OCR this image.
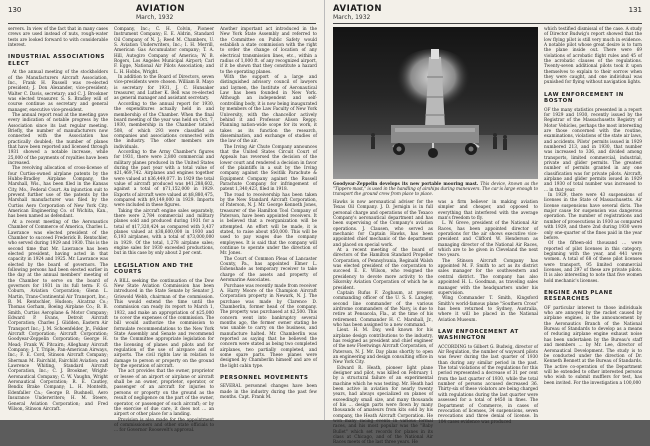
130	AVIATION
March, 1932

servers. In view of the fact that in many cases crews are used instead of nuts, rough-water tests are looked forward to with considerable interest.

INDUSTRIAL ASSOCIATIONS ELECT

At the annual meeting of the stockholders of the Manufacturers Aircraft Association, Inc., Frank H. Russell was re-elected president; J. Don Alexander, vice-president; Walter C. Davis, secretary; and C. J. Brookner was elected treasurer. S. S. Bradley will of course continue as secretary and general manager, executive vice-president.

The annual report read at the meeting gave every indication of notable progress by the Association since its last regular meeting. Briefly, the number of manufacturers now connected with the Association has practically doubled; the number of planes that have been reported and licensed through 1931 showed a notable increase, while 25,000 of the payments of royalties have been increased.

The revolving allocation of cross-license of four Curtiss-owned airplane patents by the Hubbs-Bradley Airplane Company, the Marshall, Wis., has been filed in the Kansas City, Mo., Federal Court. An injunction suit to prevent further use of the patents by the Marshall manufacturer was filed by the Curtiss Aero Corporation of New York City. American Engineering Co. of Wichita, Kan., has been named as defendant.

At a recent meeting of the Aeronautics Chamber of Commerce of America, Charles L. Lawrance was elected president of the Chamber to succeed Frederick B. Rentschler, who served during 1929 and 1930. This is the second time that Mr. Lawrance has been elected president, having acted in that capacity in 1924 and 1925. Mr. Lawrance was elected by the board of governors. The following persons had been elected earlier in the day at the annual members' meeting of the Chamber to serve on the board of governors for 1931 in its full term: F. G. Coburn, Aviation Corporation; Glenn L. Martin, Trans-Continental Air Transport, Inc.; B. M. Rentschler, Hudson; Alcatraz Co.; Thomas Gorham, Boeing Airplane Co.; B. B. Smith, Curtiss Aeroplane & Motor Company; Edward P. Evans, Detroit Aircraft Corporation; Charles J. Glidden, Eastern Air Transport Inc.; J. M. Schoenfelder, Jr., Fokker Aircraft Corporation; Aircraft Corporation; Goodyear-Zeppelin Corporation; George H. Mead; Frank W. Pitcairn; Alleghany Aircraft Company; J. T. Triple, Pan-American Airways, Inc.; F. E. Cord, Stinson Aircraft Company; Sherman M. Fairchild, Fairchild Aviation; and Lawrence Whiting, Standard Aircraft Corporation, Inc.; C. J. Brookner, Wright-Aeronautical Company; C. W. Vaughn, Wright Aeronautical Corporation; R. E. Cautley, Bendix Brake Company; L. H. Monteith, Edenfaller Ca.; George B. Bushnell, Aero Insurance Underwriters; H. M. Steere, General Aviation Corporation; and Fred Wilson, Stinson Aircraft.

Company, Inc.; C. H. Colvin, Pioneer Instrument Company; E. E. Aldrin, Standard Oil Company of N. J.; Reed M. Chambers, U. S. Aviation Underwriters, Inc.; I. H. Merrill, American Gas Accumulator company; T. A. Hill, Autogiro Company of America; W. B. Rogers, Los Angeles Municipal Airport; Carl F. Egge, National Air Pilots Association; and L. H. Hobbs, Wright.

In addition to the Board of Directors, seven vice-presidents were chosen. William B. Mayo is secretary for 1931, J. C. Hunsaker treasurer, and Luther K. Bell was re-elected as general manager and assistant secretary.

According to the annual report for 1930, the expenditures actually held in and membership of the Chamber. When the final board meeting of the year was held on Oct. 7, 1930, membership in the Chamber totaled 508, of which 293 were classified as companies and associations connected with the industry. The other members are individuals.

According to the Army Chamber's figures for 1931, there were 2,800 commercial and military planes produced in the United States during the past year with a total value of $21,469,742. Airplanes and engines together were valued at $36,449,077. In 1929 the total value of aircraft produced was $41,288,602, against a total of $71,152,000 in 1929. Exports of aircraft were valued at $8,880,475, compared with $9,149,000 in 1929. Imports were included in these figures.

Taking the aircraft engine sales separately, there were 2,784 commercial and military planes sold and produced during 1931 for a total of $17,320,424 as compared with 3,437 planes valued at $38,600,000 in 1930 and 6,193 airplanes, with a total of $73,000,000 in 1929. Of the total, 1,278 airplane sales; engine sales for 1930 exceeded productions, but in this case by only about 2 per cent.

LEGISLATION AND THE COURTS

A BILL seeking the continuation of the Dow New State Aviation Commission has been introduced in the State Senate by Senator J. Griswold Webb, chairman of the commission. This would extend the time until the commission can ready its report to March 1, 1932, and make an appropriation of $25,000 to cover the expenses of the commission. The bill would authorize the commission to formulate recommendations to the New York State Assembly and Senate and recommend to the Committee appropriate legislation for the licensing of planes and pilots and for regulation of the use of airspace and of airports. The civil rights law in relation to damage to person or property on the ground by the operation of aircraft.

The act provides that the owner, proprietor or lessee of an airport or airplane or aircraft shall be an owner, proprietor, operator, or passenger of an aircraft for injuries to persons or property on the ground as the result of negligence on the part of the owner, operator, or passenger of such aircraft; or by the exercise of due care, it does not ... an airport or other place for a landing.

Provision is also made for the appointment of commissioners and other state officials to ... for Governor Roosevelt's approval.

Another important act introduced in the New York State Assembly and referred to the Committee on Public Safety would establish a state commission with the right to order the change of location of any electrical transmission lines, etc., within a radius of 1,000 ft. of any recognized airport, if it be shown that they constitute a hazard to the operating planes.

With the support of a large and distinguished advisory council of lawyers and laymen, the Institute of Aeronautical Law has been founded in New York. Although an independent and self-controlling body, it is now being inaugurated by members of the Law Faculty of New York University, with the chancellor actively behind it and Professor Alison Reppy. Planning nation-wide scope for its work, it takes as its function the research, dissemination, and exchange of studies of the law of the air.

The Irving Air Chute Company announces that the United States Circuit Court of Appeals has reversed the decision of the lower court and rendered a decision in favor of the plaintiffs in a suit by the Irving company against the Switlik Parachute & Equipment Company against the Russell Parachute Company for infringement of patent 1,340,423, filed in 1918.

The road to receivership has been taken by the New Standard Aircraft Corporation, of Paterson, N. J. Mr. George Kenneth Jones, treasurer of the Hamilton Tool Company of Paterson, have been appointed receivers. It is believed that a reorganization will be attempted. An effort will be made, it is stated, to raise about $50,000. This will be used to pay wages due the company employees. It is said that the company will continue to operate under the direction of Mr. Jones.

The Court of Common Pleas of Lancaster County, Pa., has appointed Elmer L. Eshenshade as temporary receiver to take charge of the assets and property of Aeromarine Associates.

Purchase was recently made from receiver A. Harry Moore of the Champion Aircraft Corporation property in Newark, N. J. The purchase was made by Clarence D. Chamberlin, former head of the company. The property was purchased at $2,500. This concern went into bankruptcy several months ago, the former owner stating he was unable to carry on the business, and manufacture halted. Mr. Chamberlin was reported as saying that he believed the concern were stated as being two completed airplanes, two partially completed, and some spare parts. These planes were designed by Chamberlin himself and are of the light cabin type.

PERSONNEL MOVEMENTS

SEVERAL personnel changes have been made in the industry during the past few months. Capt. Frank M.

AVIATION
March, 1932
131
Goodyear-Zeppelin develops its new portable mooring mast. This device, known as the "Tippers-mast," is used in the handling of airships during maneuvers. The car is large enough to transport the ground crew from place to place.

Hawks is now aeronautical adviser for the Texas Oil Company. J. D. Jernigin is in full personal charge and operations of the Texaco Company's aeronautical department and has been supervising of the Company's aviation operations. J. Clausen, who served as mechanic for Captain Hawks, has been appointed chief mechanic of the department and placed on special work.

At a recent meeting of the board of directors of the Hamilton Standard Propeller Corporation, of Pennsylvania, Reginald Walsh was elected president of the corporation to succeed E. E. Wilson, who resigned the presidency to devote more activity to the Sikorsky Aviation Corporation of which he is president.

Captain Rufus F. Zogbaum, at present commanding officer of the U. S. S. Langley, second line commander of the various airdrome commanders of the Navy, is due to retire at Pensacola, Fla., at the time of his retirement. Commander H. C. Marshall, Jr., who has been assigned to a new command.

Lieut. H. M. Day, well known for his airplane design contributions to the industry, has resigned as president and chief engineer of the new Fleetwings Aircraft Corporation, of Paterson, N. J. Mr. Day plans shortly to open an engineering and design consulting office in New York City.

Edward R. Heath, pioneer light plane designer and pilot, was killed on February 1 by a structural failure of an experimental machine which he was testing. Mr. Heath had been active in aviation for nearly twenty years, had always specialized on planes of exceedingly small size, and many thousands of his ... design parts were flown by many thousands of amateurs from kits sold by his company, the Heath Aircraft Corporation. He won many racing events in various formal races, and his most popular was the "Baby Bullet" which set records for planes in its class at Chicago, and of the National Air Races meets of the last three years. He

was a firm believer in making aviation simpler and cheaper, and opposed to everything that interfered with the average man's freedom to fly.

L. W. Greve, president of the National Air Races, has been appointed director of operations for the air shows executive vice-president and Clifford W. Henderson as managing director of the National Air Races, which are to be given in Cleveland the next two years.

The Stinson Aircraft Company has appointed M. F. Smith to act as its district sales manager for the southwestern and central district. The company has also appointed H. L. Goodman, as traveling sales manager with the headquarters under his supervision.

Wing Commander T. Smith, Kingsford Smith's world-famous plane "Southern Cross" has been returned to Sydney, Australia, where it will be placed in the National Aviation Museum.

LAW ENFORCEMENT AT WASHINGTON

ACCORDING to Gilbert G. Budwig, director of Air Regulation, the number of wayward pilots was fewer during the last quarter of 1930 than during any similar period in the past. The total violations of the regulations for this period represented a decrease of 31 per cent from the last quarter of 1930, while the total number of persons accused decreased 36. Thirty-six of these violators are being charged with regulations during the last quarter were assessed for a total of $450 in fines. The Department of Commerce, in cases of revocation of licenses, 34 suspensions, seven revocations and three denial of license. In 104 cases evidence was produced

which testified dismissal of the case. A study of Director Budwig's report showed that the low flying pilot is still very much in evidence. A notable pilot whose great desire is to turn the plane inside out. There were 69 violations of acrobatic flight rules and 45 of the acrobatic clauses of the regulations. Twenty-seven additional pilots took it upon themselves to explain to their sorrow when they were caught, and one individual was punished for flying without navigation lights.

LAW ENFORCEMENT IN BOSTON

OF the many statistics presented in a report for 1929 and 1930, recently issued by the Registrar of the Massachusetts Registry of Motor Vehicles, perhaps the most interesting are those concerned with the routine, examinations, violations of the state air laws, and accidents. Pilots' permits issued in 1929 numbered 213, and in 1930, that number was increased to 336, and divided among transports, limited commercial, industrial, private and glider permits. The greatest number of permits granted in any one classification was for private pilots. Aircraft, airplane and glider permits issued in 1929 and 1930 of total number was increased to ... in that year.

In 1929, there were 43 suspensions of licenses in the State of Massachusetts. Air license suspensions have several dicts. The major cause for suspension was dangerous operation. The number of registrations and number of prosecutions in 1930 as compared with 1929, and there 2nd during 1930 were only one-quarter of the fines paid in the year before.

Of the fifteen-old thousand ... were reported of pilot licenses in this category, beginning with the year, and 441 were women. A total of 68 of these pilot licenses were transport, 95 limited commercial licenses, and 297 of these are private pilots. It is also interesting to note that five women hold mechanic's licenses.

ENGINE AND PLANE RESEARCHES

OF particular interest to those individuals who are annoyed by the racket caused by airplane engines, is the announcement by the Aeronautics Branch of the National Bureau of Standards to develop as a means of reducing airplane engine exhaust noise has been undertaken by the Bureau's staff and members ... by Mr. Lee, director of Aeronautical Development. The study is to be conducted under the direction of Dr. Kenneth Bennett at the Bureau of Standards. The active co-operation of the Department will be extended to other interested persons who wish to submit mufflers for test, has been invited. For the investigation a 100,000
